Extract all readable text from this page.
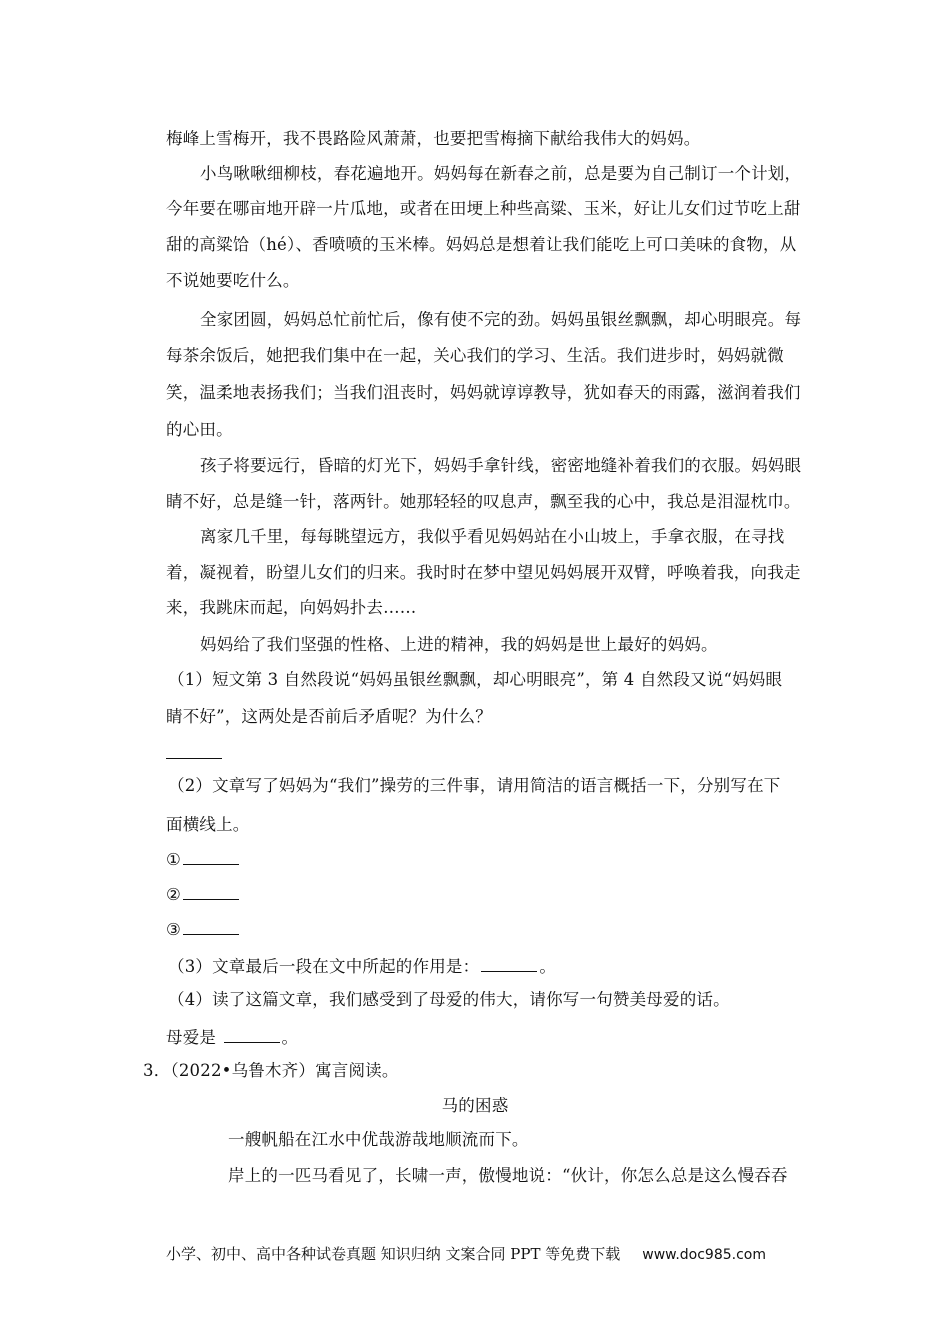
梅峰上雪梅开，我不畏路险风萧萧，也要把雪梅摘下献给我伟大的妈妈。
小鸟啾啾细柳枝，春花遍地开。妈妈每在新春之前，总是要为自己制订一个计划，
今年要在哪亩地开辟一片瓜地，或者在田埂上种些高粱、玉米，好让儿女们过节吃上甜
甜的高粱饸（hé）、香喷喷的玉米棒。妈妈总是想着让我们能吃上可口美味的食物，从
不说她要吃什么。
全家团圆，妈妈总忙前忙后，像有使不完的劲。妈妈虽银丝飘飘，却心明眼亮。每
每茶余饭后，她把我们集中在一起，关心我们的学习、生活。我们进步时，妈妈就微
笑，温柔地表扬我们；当我们沮丧时，妈妈就谆谆教导，犹如春天的雨露，滋润着我们
的心田。
孩子将要远行，昏暗的灯光下，妈妈手拿针线，密密地缝补着我们的衣服。妈妈眼
睛不好，总是缝一针，落两针。她那轻轻的叹息声，飘至我的心中，我总是泪湿枕巾。
离家几千里，每每眺望远方，我似乎看见妈妈站在小山坡上，手拿衣服，在寻找
着，凝视着，盼望儿女们的归来。我时时在梦中望见妈妈展开双臂，呼唤着我，向我走
来，我跳床而起，向妈妈扑去……
妈妈给了我们坚强的性格、上进的精神，我的妈妈是世上最好的妈妈。
（1）短文第 3 自然段说“妈妈虽银丝飘飘，却心明眼亮”，第 4 自然段又说“妈妈眼
睛不好”，这两处是否前后矛盾呢？为什么？
（2）文章写了妈妈为“我们”操劳的三件事，请用简洁的语言概括一下，分别写在下
面横线上。
①
②
③
（3）文章最后一段在文中所起的作用是：	。
（4）读了这篇文章，我们感受到了母爱的伟大，请你写一句赞美母爱的话。
母爱是	。
3．（2022•乌鲁木齐）寓言阅读。
马的困惑
一艘帆船在江水中优哉游哉地顺流而下。
岸上的一匹马看见了，长啸一声，傲慢地说：“伙计，你怎么总是这么慢吞吞
小学、初中、高中各种试卷真题 知识归纳 文案合同 PPT 等免费下载 www.doc985.com
